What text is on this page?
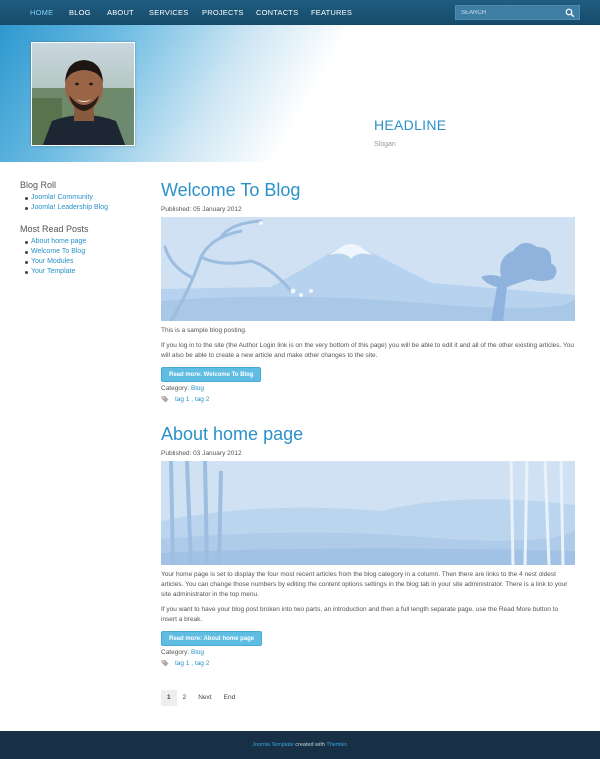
HOME BLOG ABOUT SERVICES PROJECTS CONTACTS FEATURES
SEARCH
HEADLINE
Slogan
Blog Roll
Joomla! Community
Joomla! Leadership Blog
Most Read Posts
About home page
Welcome To Blog
Your Modules
Your Template
Welcome To Blog
Published: 05 January 2012
This is a sample blog posting.
If you log in to the site (the Author Login link is on the very bottom of this page) you will be able to edit it and all of the other existing articles. You will also be able to create a new article and make other changes to the site.
Read more: Welcome To Blog
Category: Blog
tag 1 , tag 2
About home page
Published: 03 January 2012
Your home page is set to display the four most recent articles from the blog category in a column. Then there are links to the 4 nest oldest articles. You can change those numbers by editing the content options settings in the blog tab in your site administrator. There is a link to your site administrator in the top menu.
If you want to have your blog post broken into two parts, an introduction and then a full length separate page, use the Read More button to insert a break.
Read more: About home page
Category: Blog
tag 1 , tag 2
1	2	Next	End
Joomla Template created with Themler.
